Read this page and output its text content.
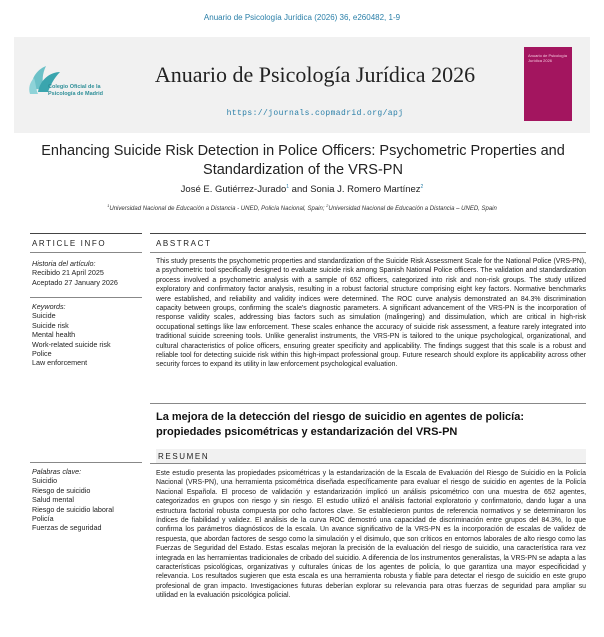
Anuario de Psicología Jurídica (2026) 36, e260482, 1-9
Colegio Oficial de la Psicología de Madrid
Anuario de Psicología Jurídica 2026
https://journals.copmadrid.org/apj
Anuario de Psicología Jurídica 2026
Enhancing Suicide Risk Detection in Police Officers: Psychometric Properties and Standardization of the VRS-PN
José E. Gutiérrez-Jurado$^1$ and Sonia J. Romero Martínez$^2$
$^1$Universidad Nacional de Educación a Distancia - UNED, Policía Nacional, Spain; $^2$Universidad Nacional de Educación a Distancia – UNED, Spain
ARTICLE INFO
Historia del artículo:
Recibido 21 April 2025
Aceptado 27 January 2026
Keywords:
Suicide
Suicide risk
Mental health
Work-related suicide risk
Police
Law enforcement
Palabras clave:
Suicidio
Riesgo de suicidio
Salud mental
Riesgo de suicidio laboral
Policía
Fuerzas de seguridad
ABSTRACT
This study presents the psychometric properties and standardization of the Suicide Risk Assessment Scale for the National Police (VRS-PN), a psychometric tool specifically designed to evaluate suicide risk among Spanish National Police officers. The validation and standardization process involved a psychometric analysis with a sample of 652 officers, categorized into risk and non-risk groups. The study utilized exploratory and confirmatory factor analysis, resulting in a robust factorial structure comprising eight key factors. Normative benchmarks were established, and reliability and validity indices were determined. The ROC curve analysis demonstrated an 84.3% discrimination capacity between groups, confirming the scale's diagnostic parameters. A significant advancement of the VRS-PN is the incorporation of response validity scales, addressing bias factors such as simulation (malingering) and dissimulation, which are critical in high-risk occupational settings like law enforcement. These scales enhance the accuracy of suicide risk assessment, a feature rarely integrated into traditional suicide screening tools. Unlike generalist instruments, the VRS-PN is tailored to the unique psychological, organizational, and cultural characteristics of police officers, ensuring greater specificity and applicability. The findings suggest that this scale is a robust and reliable tool for detecting suicide risk within this high-impact professional group. Future research should explore its applicability across other security forces to expand its utility in law enforcement psychological evaluation.
La mejora de la detección del riesgo de suicidio en agentes de policía: propiedades psicométricas y estandarización del VRS-PN
RESUMEN
Este estudio presenta las propiedades psicométricas y la estandarización de la Escala de Evaluación del Riesgo de Suicidio en la Policía Nacional (VRS-PN), una herramienta psicométrica diseñada específicamente para evaluar el riesgo de suicidio en agentes de la Policía Nacional Española. El proceso de validación y estandarización implicó un análisis psicométrico con una muestra de 652 agentes, categorizados en grupos con riesgo y sin riesgo. El estudio utilizó el análisis factorial exploratorio y confirmatorio, dando lugar a una estructura factorial robusta compuesta por ocho factores clave. Se establecieron puntos de referencia normativos y se determinaron los índices de fiabilidad y validez. El análisis de la curva ROC demostró una capacidad de discriminación entre grupos del 84.3%, lo que confirma los parámetros diagnósticos de la escala. Un avance significativo de la VRS-PN es la incorporación de escalas de validez de respuesta, que abordan factores de sesgo como la simulación y el disimulo, que son críticos en entornos laborales de alto riesgo como las Fuerzas de Seguridad del Estado. Estas escalas mejoran la precisión de la evaluación del riesgo de suicidio, una característica rara vez integrada en las herramientas tradicionales de cribado del suicidio. A diferencia de los instrumentos generalistas, la VRS-PN se adapta a las características psicológicas, organizativas y culturales únicas de los agentes de policía, lo que garantiza una mayor especificidad y relevancia. Los resultados sugieren que esta escala es una herramienta robusta y fiable para detectar el riesgo de suicidio en este grupo profesional de gran impacto. Investigaciones futuras deberían explorar su relevancia para otras fuerzas de seguridad para ampliar su utilidad en la evaluación psicológica policial.
